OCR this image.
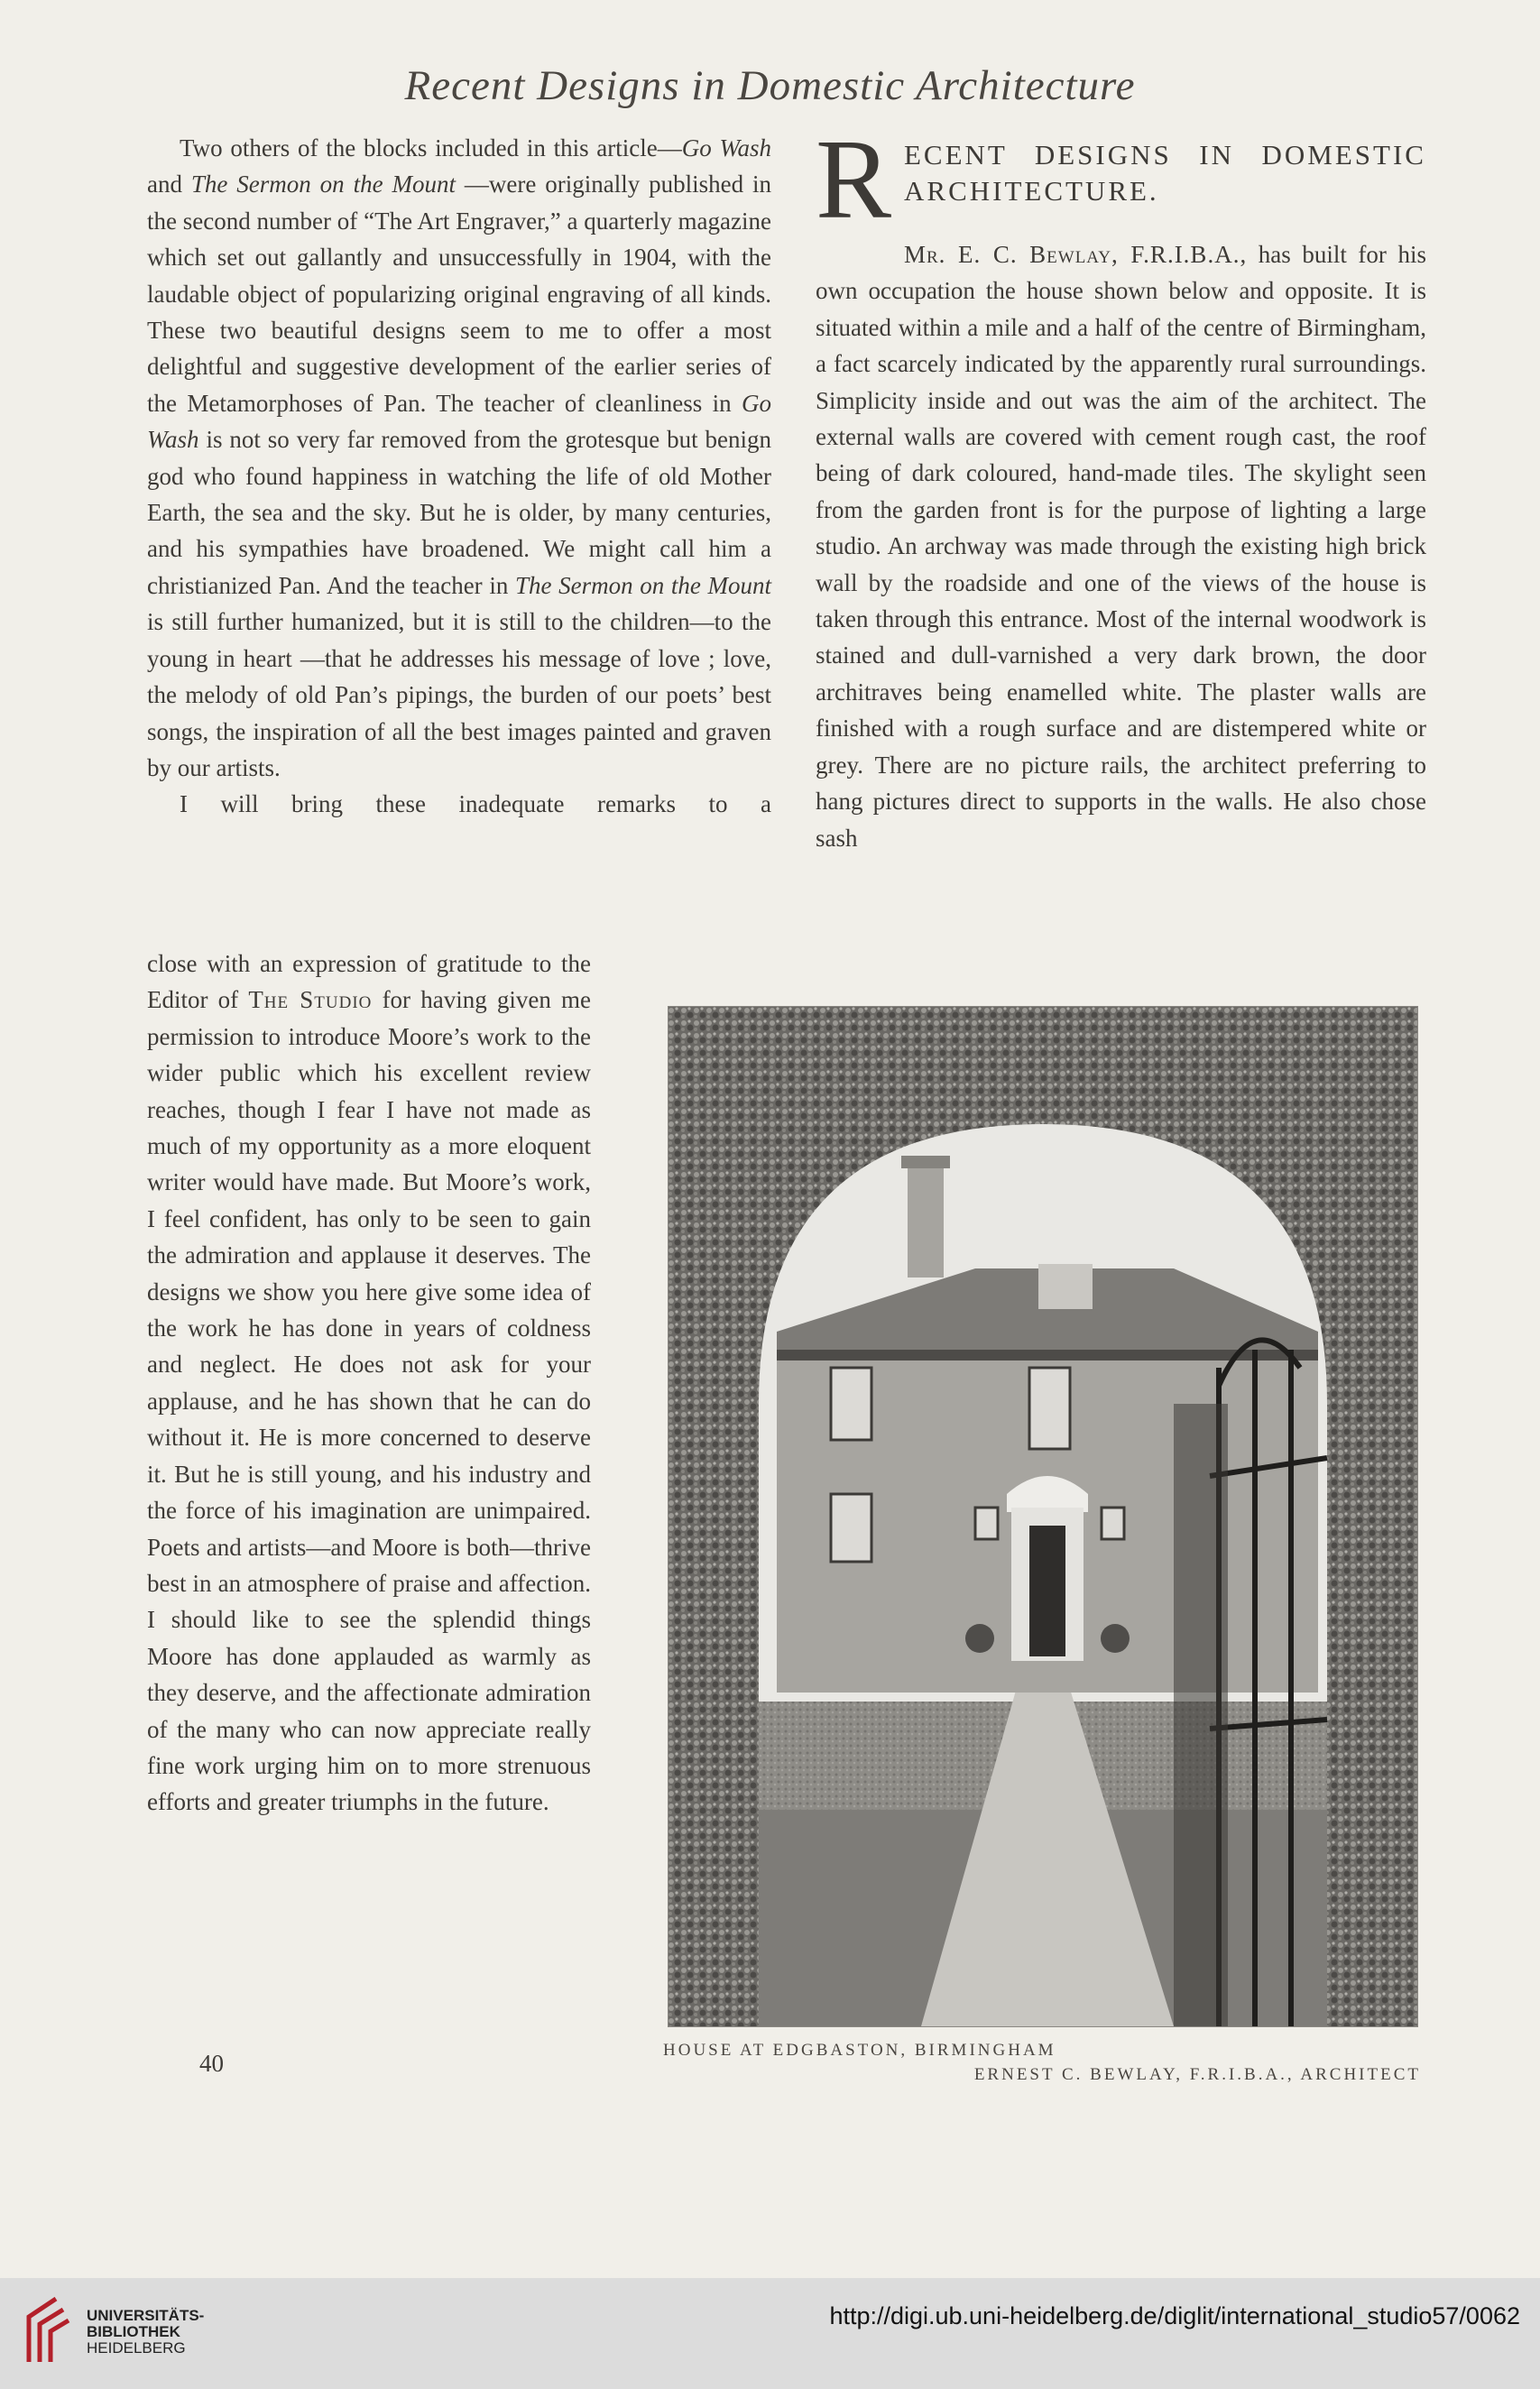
Recent Designs in Domestic Architecture

Two others of the blocks included in this article—Go Wash and The Sermon on the Mount —were originally published in the second number of “The Art Engraver,” a quarterly magazine which set out gallantly and unsuccessfully in 1904, with the laudable object of popularizing original engraving of all kinds. These two beautiful designs seem to me to offer a most delightful and suggestive development of the earlier series of the Metamorphoses of Pan. The teacher of cleanliness in Go Wash is not so very far removed from the grotesque but benign god who found happiness in watching the life of old Mother Earth, the sea and the sky. But he is older, by many centuries, and his sympathies have broadened. We might call him a christianized Pan. And the teacher in The Sermon on the Mount is still further humanized, but it is still to the children—to the young in heart —that he addresses his message of love ; love, the melody of old Pan’s pipings, the burden of our poets’ best songs, the inspiration of all the best images painted and graven by our artists.

I will bring these inadequate remarks to a

close with an expression of gratitude to the Editor of The Studio for having given me permission to introduce Moore’s work to the wider public which his excellent review reaches, though I fear I have not made as much of my opportunity as a more eloquent writer would have made. But Moore’s work, I feel confident, has only to be seen to gain the admiration and applause it deserves. The designs we show you here give some idea of the work he has done in years of coldness and neglect. He does not ask for your applause, and he has shown that he can do without it. He is more concerned to deserve it. But he is still young, and his industry and the force of his imagination are unimpaired. Poets and artists—and Moore is both—thrive best in an atmosphere of praise and affection. I should like to see the splendid things Moore has done applauded as warmly as they deserve, and the affectionate admiration of the many who can now appreciate really fine work urging him on to more strenuous efforts and greater triumphs in the future.

R ECENT DESIGNS IN DOMESTIC ARCHITECTURE.

Mr. E. C. Bewlay, F.R.I.B.A., has built for his own occupation the house shown below and opposite. It is situated within a mile and a half of the centre of Birmingham, a fact scarcely indicated by the apparently rural surroundings. Simplicity inside and out was the aim of the architect. The external walls are covered with cement rough cast, the roof being of dark coloured, hand-made tiles. The skylight seen from the garden front is for the purpose of lighting a large studio. An archway was made through the existing high brick wall by the roadside and one of the views of the house is taken through this entrance. Most of the internal woodwork is stained and dull-varnished a very dark brown, the door architraves being enamelled white. The plaster walls are finished with a rough surface and are distempered white or grey. There are no picture rails, the architect preferring to hang pictures direct to supports in the walls. He also chose sash

HOUSE AT EDGBASTON, BIRMINGHAM
ERNEST C. BEWLAY, F.R.I.B.A., ARCHITECT
40
UNIVERSITÄTS-
BIBLIOTHEK
HEIDELBERG
http://digi.ub.uni-heidelberg.de/diglit/international_studio57/0062
